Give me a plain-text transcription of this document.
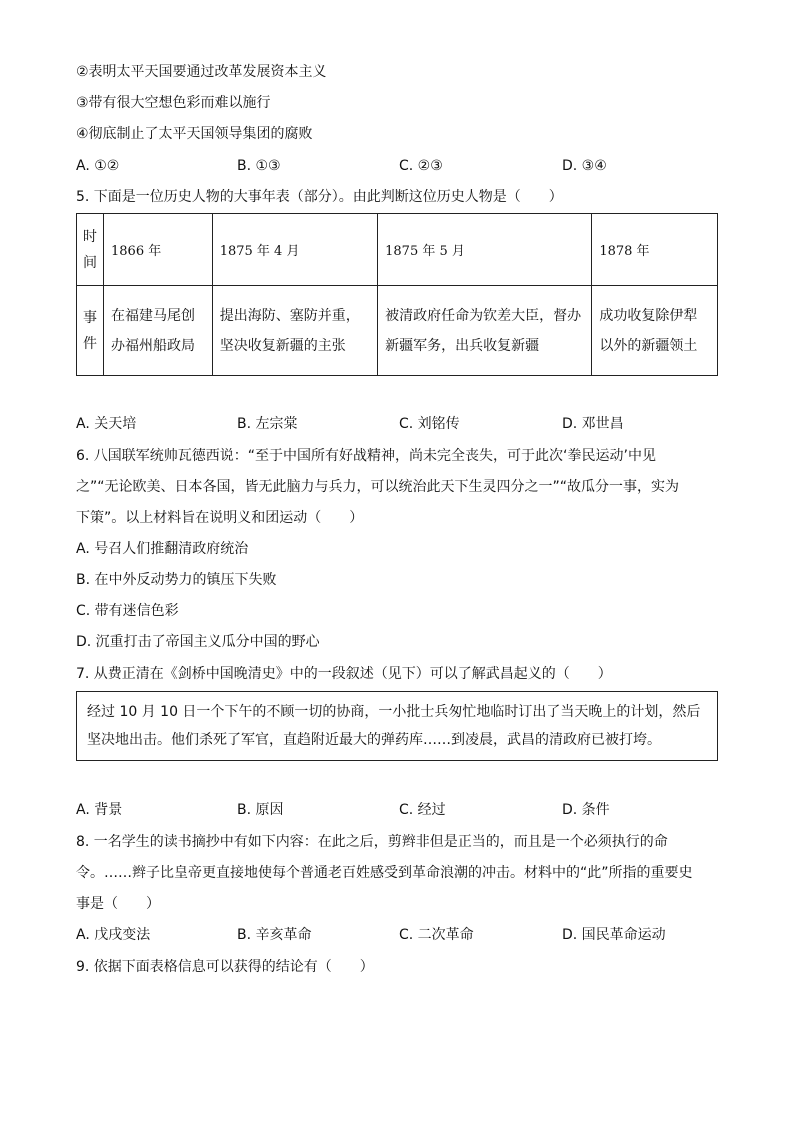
②表明太平天国要通过改革发展资本主义
③带有很大空想色彩而难以施行
④彻底制止了太平天国领导集团的腐败
A. ①②	B. ①③	C. ②③	D. ③④
5. 下面是一位历史人物的大事年表（部分）。由此判断这位历史人物是（　　）
时间	1866 年	1875 年 4 月	1875 年 5 月	1878 年
事件	在福建马尾创办福州船政局	提出海防、塞防并重，坚决收复新疆的主张	被清政府任命为钦差大臣，督办新疆军务，出兵收复新疆	成功收复除伊犁以外的新疆领土
A. 关天培	B. 左宗棠	C. 刘铭传	D. 邓世昌
6. 八国联军统帅瓦德西说：“至于中国所有好战精神，尚未完全丧失，可于此次‘拳民运动’中见
之”“无论欧美、日本各国，皆无此脑力与兵力，可以统治此天下生灵四分之一”“故瓜分一事，实为
下策”。以上材料旨在说明义和团运动（　　）
A. 号召人们推翻清政府统治
B. 在中外反动势力的镇压下失败
C. 带有迷信色彩
D. 沉重打击了帝国主义瓜分中国的野心
7. 从费正清在《剑桥中国晚清史》中的一段叙述（见下）可以了解武昌起义的（　　）
经过 10 月 10 日一个下午的不顾一切的协商，一小批士兵匆忙地临时订出了当天晚上的计划，然后坚决地出击。他们杀死了军官，直趋附近最大的弹药库……到凌晨，武昌的清政府已被打垮。
A. 背景	B. 原因	C. 经过	D. 条件
8. 一名学生的读书摘抄中有如下内容：在此之后，剪辫非但是正当的，而且是一个必须执行的命
令。……辫子比皇帝更直接地使每个普通老百姓感受到革命浪潮的冲击。材料中的“此”所指的重要史
事是（　　）
A. 戊戌变法	B. 辛亥革命	C. 二次革命	D. 国民革命运动
9. 依据下面表格信息可以获得的结论有（　　）
